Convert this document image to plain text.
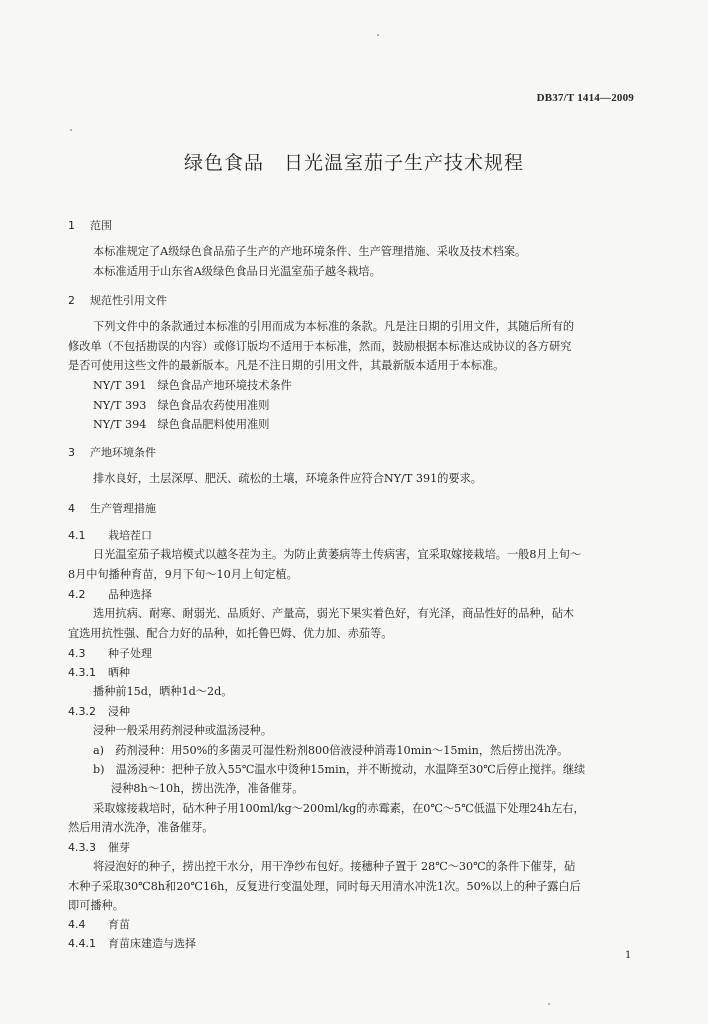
DB37/T 1414—2009
绿色食品　日光温室茄子生产技术规程
1 范围
本标准规定了A级绿色食品茄子生产的产地环境条件、生产管理措施、采收及技术档案。
本标准适用于山东省A级绿色食品日光温室茄子越冬栽培。
2 规范性引用文件
下列文件中的条款通过本标准的引用而成为本标准的条款。凡是注日期的引用文件，其随后所有的
修改单（不包括勘误的内容）或修订版均不适用于本标准，然而，鼓励根据本标准达成协议的各方研究
是否可使用这些文件的最新版本。凡是不注日期的引用文件，其最新版本适用于本标准。
NY/T 391　绿色食品产地环境技术条件
NY/T 393　绿色食品农药使用准则
NY/T 394　绿色食品肥料使用准则
3 产地环境条件
排水良好，土层深厚、肥沃、疏松的土壤，环境条件应符合NY/T 391的要求。
4 生产管理措施
4.1 栽培茬口
日光温室茄子栽培模式以越冬茬为主。为防止黄萎病等土传病害，宜采取嫁接栽培。一般8月上旬～
8月中旬播种育苗，9月下旬～10月上旬定植。
4.2 品种选择
选用抗病、耐寒、耐弱光、品质好、产量高，弱光下果实着色好，有光泽，商品性好的品种，砧木
宜选用抗性强、配合力好的品种，如托鲁巴姆、优力加、赤茄等。
4.3 种子处理
4.3.1 晒种
播种前15d，晒种1d～2d。
4.3.2 浸种
浸种一般采用药剂浸种或温汤浸种。
a)　药剂浸种：用50%的多菌灵可湿性粉剂800倍液浸种消毒10min～15min，然后捞出洗净。
b)　温汤浸种：把种子放入55℃温水中烫种15min，并不断搅动，水温降至30℃后停止搅拌。继续
浸种8h～10h，捞出洗净，准备催芽。
采取嫁接栽培时，砧木种子用100ml/kg～200ml/kg的赤霉素，在0℃～5℃低温下处理24h左右，
然后用清水洗净，准备催芽。
4.3.3 催芽
将浸泡好的种子，捞出控干水分，用干净纱布包好。接穗种子置于 28℃～30℃的条件下催芽，砧
木种子采取30℃8h和20℃16h，反复进行变温处理，同时每天用清水冲洗1次。50%以上的种子露白后
即可播种。
4.4 育苗
4.4.1 育苗床建造与选择
1
